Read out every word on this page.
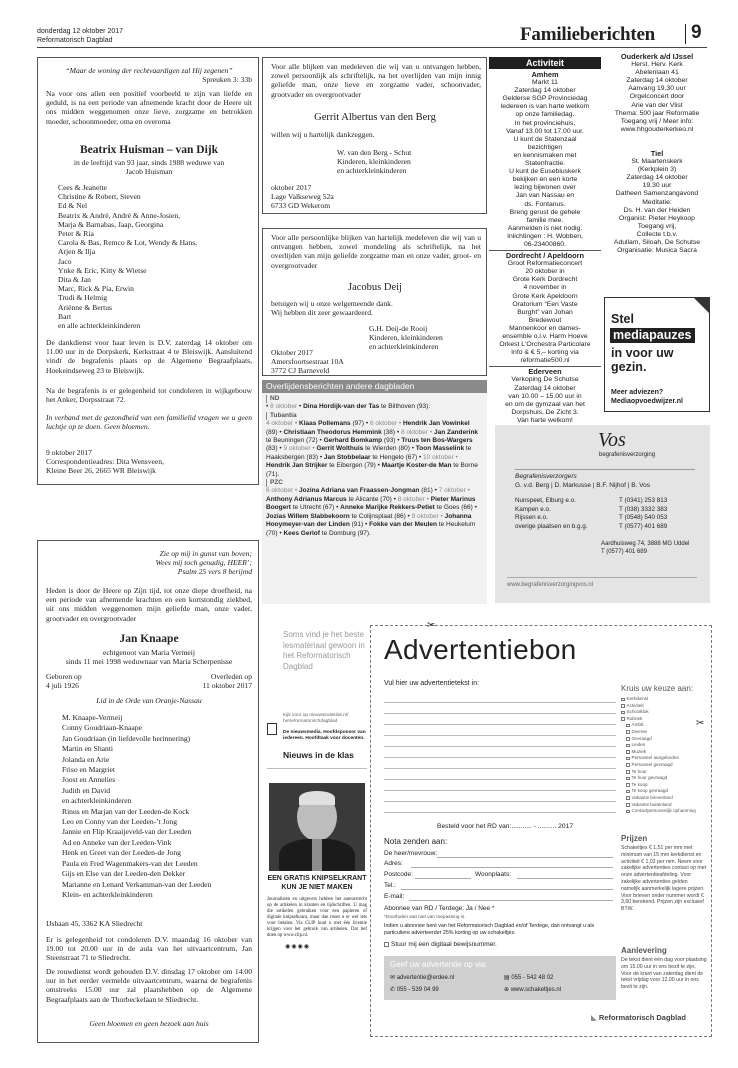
donderdag 12 oktober 2017
Reformatorisch Dagblad	Familieberichten 9
“Maar de woning der rechtvaardigen zal Hij zegenen”
Spreuken 3: 33b
Na voor ons allen een positief voorbeeld te zijn van liefde en geduld, is na een periode van afnemende kracht door de Heere uit ons midden weggenomen onze lieve, zorgzame en betrokken moeder, schoonmoeder, oma en overoma
Beatrix Huisman – van Dijk
in de leeftijd van 93 jaar, sinds 1988 weduwe van
Jacob Huisman
Cees & Jeanette
Christine & Robert, Steven
Ed & Nel
Beatrix & André, André & Anne-Josien,
Marja & Barnabas, Jaap, Georgina
Peter & Ria
Carola & Bas, Remco & Lot, Wendy & Hans,
Arjen & Ilja
Jaco
Ynke & Eric, Kitty & Wietse
Dita & Jan
Marc, Rick & Pia, Erwin
Trudi & Helmig
Ariënne & Bertus
Bart
en alle achterkleinkinderen
De dankdienst voor haar leven is D.V. zaterdag 14 oktober om 11.00 uur in de Dorpskerk, Kerkstraat 4 te Bleiswijk. Aansluitend vindt de begrafenis plaats op de Algemene Begraafplaats, Hoekeindseweg 23 te Bleiswijk.
Na de begrafenis is er gelegenheid tot condoleren in wijkgebouw het Anker, Dorpsstraat 72.
In verband met de gezondheid van een familielid vragen we u geen luchtje op te doen. Geen bloemen.
9 oktober 2017
Correspondentieadres: Dita Wensveen,
Kleine Beer 26, 2665 WR Bleiswijk
Voor alle blijken van medeleven die wij van u ontvangen hebben, zowel persoonlijk als schriftelijk, na het overlijden van mijn innig geliefde man, onze lieve en zorgzame vader, schoonvader, grootvader en overgrootvader
Gerrit Albertus van den Berg
willen wij u hartelijk dankzeggen.
W. van den Berg - Schut
Kinderen, kleinkinderen
en achterkleinkinderen
oktober 2017
Lage Valkseweg 52a
6733 GD Wekerom
Voor alle persoonlijke blijken van hartelijk medeleven die wij van u ontvangen hebben, zowel mondeling als schriftelijk, na het overlijden van mijn geliefde zorgzame man en onze vader, groot- en overgrootvader
Jacobus Deij
betuigen wij u onze welgemeende dank.
Wij hebben dit zeer gewaardeerd.
G.H. Deij-de Rooij
Kinderen, kleinkinderen
en achterkleinkinderen
Oktober 2017
Amersfoortsestraat 10A
3772 CJ Barneveld
Overlijdensberichten andere dagbladen
ND
• 8 oktober • Dina Hordijk-van der Tas te Bilthoven (93).
Tubantia
4 oktober • Klaas Pollemans (97) • 6 oktober • Hendrik Jan Vowinkel (89) • Christiaan Theodorus Hemmink (38) • 8 oktober • Jan Zanderink te Beuningen (72) • Gerhard Bomkamp (93) • Truus ten Bos-Wargers (83) • 9 oktober • Gerrit Wolthuis te Wierden (80) • Toon Masselink te Haaksbergen (83) • Jan Stobbelaar te Hengelo (67) • 10 oktober • Hendrik Jan Strijker te Eibergen (79) • Maartje Koster-de Man te Borne (71).
PZC
6 oktober • Jozina Adriana van Fraassen-Jongman (81) • 7 oktober • Anthony Adrianus Marcus te Alicante (70) • 8 oktober • Pieter Marinus Boogert te Utrecht (67) • Anneke Marijke Rekkers-Petiet te Goes (66) • Jozias Willem Slabbekoorn te Colijnsplaat (86) • 9 oktober • Johanna Hooymeyer-van der Linden (91) • Fokke van der Meulen te Heukelum (70) • Kees Gerlof te Domburg (97).
Zie op mij in gunst van boven;
Wees mij toch genadig, HEER’;
Psalm 25 vers 8 berijmd
Heden is door de Heere op Zijn tijd, tot onze diepe droefheid, na een periode van afnemende krachten en een kortstondig ziekbed, uit ons midden weggenomen mijn geliefde man, onze vader, grootvader en overgrootvader
Jan Knaape
echtgenoot van Maria Vermeij
sinds 11 mei 1998 weduwnaar van Maria Scherpenisse
Geboren op
4 juli 1926
Overleden op
11 oktober 2017
Lid in de Orde van Oranje-Nassau
M. Knaape-Vermeij
Conny Goudriaan-Knaape
Jan Goudriaan (in liefdevolle herinnering)
Martin en Shanti
Jolanda en Arie
Friso en Margriet
Joost en Annelies
Judith en David
en achterkleinkinderen
Rinus en Marjan van der Leeden-de Kock
Leo en Conny van der Leeden-’t Jong
Jannie en Flip Kraaijeveld-van der Leeden
Ad en Anneke van der Leeden-Vink
Henk en Greet van der Leeden-de Jong
Paula en Fred Wagenmakers-van der Leeden
Gijs en Else van der Leeden-den Dekker
Marianne en Lenard Verkamman-van der Leeden
Klein- en achterkleinkinderen
IJsbaan 45, 3362 KA Sliedrecht
Er is gelegenheid tot condoleren D.V. maandag 16 oktober van 19.00 tot 20.00 uur in de aula van het uitvaartcentrum, Jan Steenstraat 71 te Sliedrecht.
De rouwdienst wordt gehouden D.V. dinsdag 17 oktober om 14.00 uur in het eerder vermelde uitvaartcentrum, waarna de begrafenis omstreeks 15.00 uur zal plaatshebben op de Algemene Begraafplaats aan de Thorbeckelaan te Sliedrecht.
Geen bloemen en geen bezoek aan huis
Activiteit
Amhem
Markt 11
Zaterdag 14 oktober
Gelderse SGP Provinciedag
ledereen is van harte welkom
op onze familiedag.
In het provinciehuis,
Vanaf 13.00 tot 17.00 uur.
U kunt de Statenzaal
bezichtigen
en kennismaken met
Statenfractie.
U kunt de Eusebiuskerk
bekijken en een korte
lezing bijwonen over
Jan van Nassau en
ds. Fontanus.
Breng gerust de gehele
familie mee.
Aanmelden is niet nodig.
Inlichtingen : H. Wobben,
06-23400860.
Dordrecht / Apeldoorn
Groot Reformatieconcert
20 oktober in
Grote Kerk Dordrecht
4 november in
Grote Kerk Apeldoorn
Oratorium “Een Vaste
Burght” van Johan
Bredewout
Mannenkoor en dames-
ensemble o.l.v. Harm Hoeve
Orkest L'Orchestra Particolare
Info & € 5,– korting via
reformatie500.nl
Ederveen
Verkoping De Schutse
Zaterdag 14 oktober
van 10.00 – 15.00 uur in
en om de gymzaal van het
Dorpshuis, De Zicht 3.
Van harte welkom!
Ouderkerk a/d IJssel
Herst. Herv. Kerk
Abelenlaan 41
Zaterdag 14 oktober
Aanvang 19.30 uur
Orgelconcert door
Arie van der Vlist
Thema: 500 jaar Reformatie
Toegang vrij / Meer info:
www.hhgouderkerkeo.nl
Tiel
St. Maartenskerk
(Kerkplein 3)
Zaterdag 14 oktober
19.30 uur
Datheen Samenzangavond
Meditatie:
Ds. H. van der Heiden
Organist: Pieter Heykoop
Toegang vrij,
Collecte t.b.v.
Adullam, Siloah, De Schutse
Organisatie: Musica Sacra
Stel
mediapauzes
in voor uw
gezin.
Meer adviezen?
Mediaopvoedwijzer.nl
Vos
begrafenisverzorging
Begrafenisverzorgers
G. v.d. Berg | D. Markusse | B.F. Nijhof | B. Vos
Nunspeet, Elburg e.o.	T (0341) 253 813
Kampen e.o.	T (038) 3332 383
Rijssen e.o.	T (0548) 540 053
overige plaatsen en b.g.g.	T (0577) 401 689
Aardhuisweg 74, 3888 MG Uddel
T (0577) 401 689
www.begrafenisverzorgingvos.nl
Soms vind je het beste lesmateriaal gewoon in het Reformatorisch Dagblad
Kijk voor op nieuwsindeklas.nl/ hetreformatorischdagblad
De nieuwsmedia. Hoofdsponsor van iedereen. Hoofdtaak voor docenten.
Nieuws in de klas
EEN GRATIS KNIPSELKRANT
KUN JE NIET MAKEN
Journalisten en uitgevers hebben het auteursrecht op de artikelen in kranten en tijdschriften. U mag die artikelen gebruiken voor een papieren of digitale knipselkrant, maar dan moet u er wel iets voor betalen. Via CLIP kunt u met één licentie krijgen voor het gebruik van artikelen. Dat tief doen op www.clip.nl.
◉◉◉◉
✂
Advertentiebon
Vul hier uw advertentietekst in:
Kruis uw keuze aan:
Kerkdienst
Activiteit
Schoolklok
Rubriek
Ambtl.
Diverse
Gevraagd
Leiden
Muziek
Personeel aangeboden
Personeel gevraagd
Te huur
Te huur gevraagd
Te koop
Te koop gevraagd
Vakantie binnenland
Vakantie buitenland
Contactpersonenlijk ophanming
✂
Besteld voor het RD van:........... - .......... 2017
Nota zenden aan:
De heer/mevrouw:
Adres:
Postcode:	Woonplaats:
Tel.:
E-mail:
Abonnee van RD / Terdege: Ja / Nee *
*Doorhalen wat niet van toepassing is.
Indien u abonnee bent van het Reformatorisch Dagblad en/of Terdege, dan ontvangt u als particuliere adverteerder 25% korting op uw schakeltjes.
Stuur mij een digitaal bewijsnummer.
Geef uw advertentie op via:
✉ advertentie@erdee.nl	▤ 055 - 542 48 02
✆ 055 - 539 04 99	⊕ www.schakeltjes.nl
Prijzen
Schakeltjes € 1,51 per mm met minimum van 15 mm kerkdienst en activiteit € 1,02 per mm. Neem voor zakelijke advertenties contact op met onze advertentieafdeling. Voor zakelijke advertenties gelden namelijk aanmerkelijk lagere prijzen. Voor brieven onder nummer wordt € 3,60 berekend. Prijzen zijn exclusief BTW.
Aanlevering
De tekst dient één dag voor plaatsing om 15.00 uur in ons bezit te zijn. Voor de krant van zaterdag dient de tekst vrijdag voor 12.00 uur in ons bezit te zijn.
◣ Reformatorisch Dagblad
